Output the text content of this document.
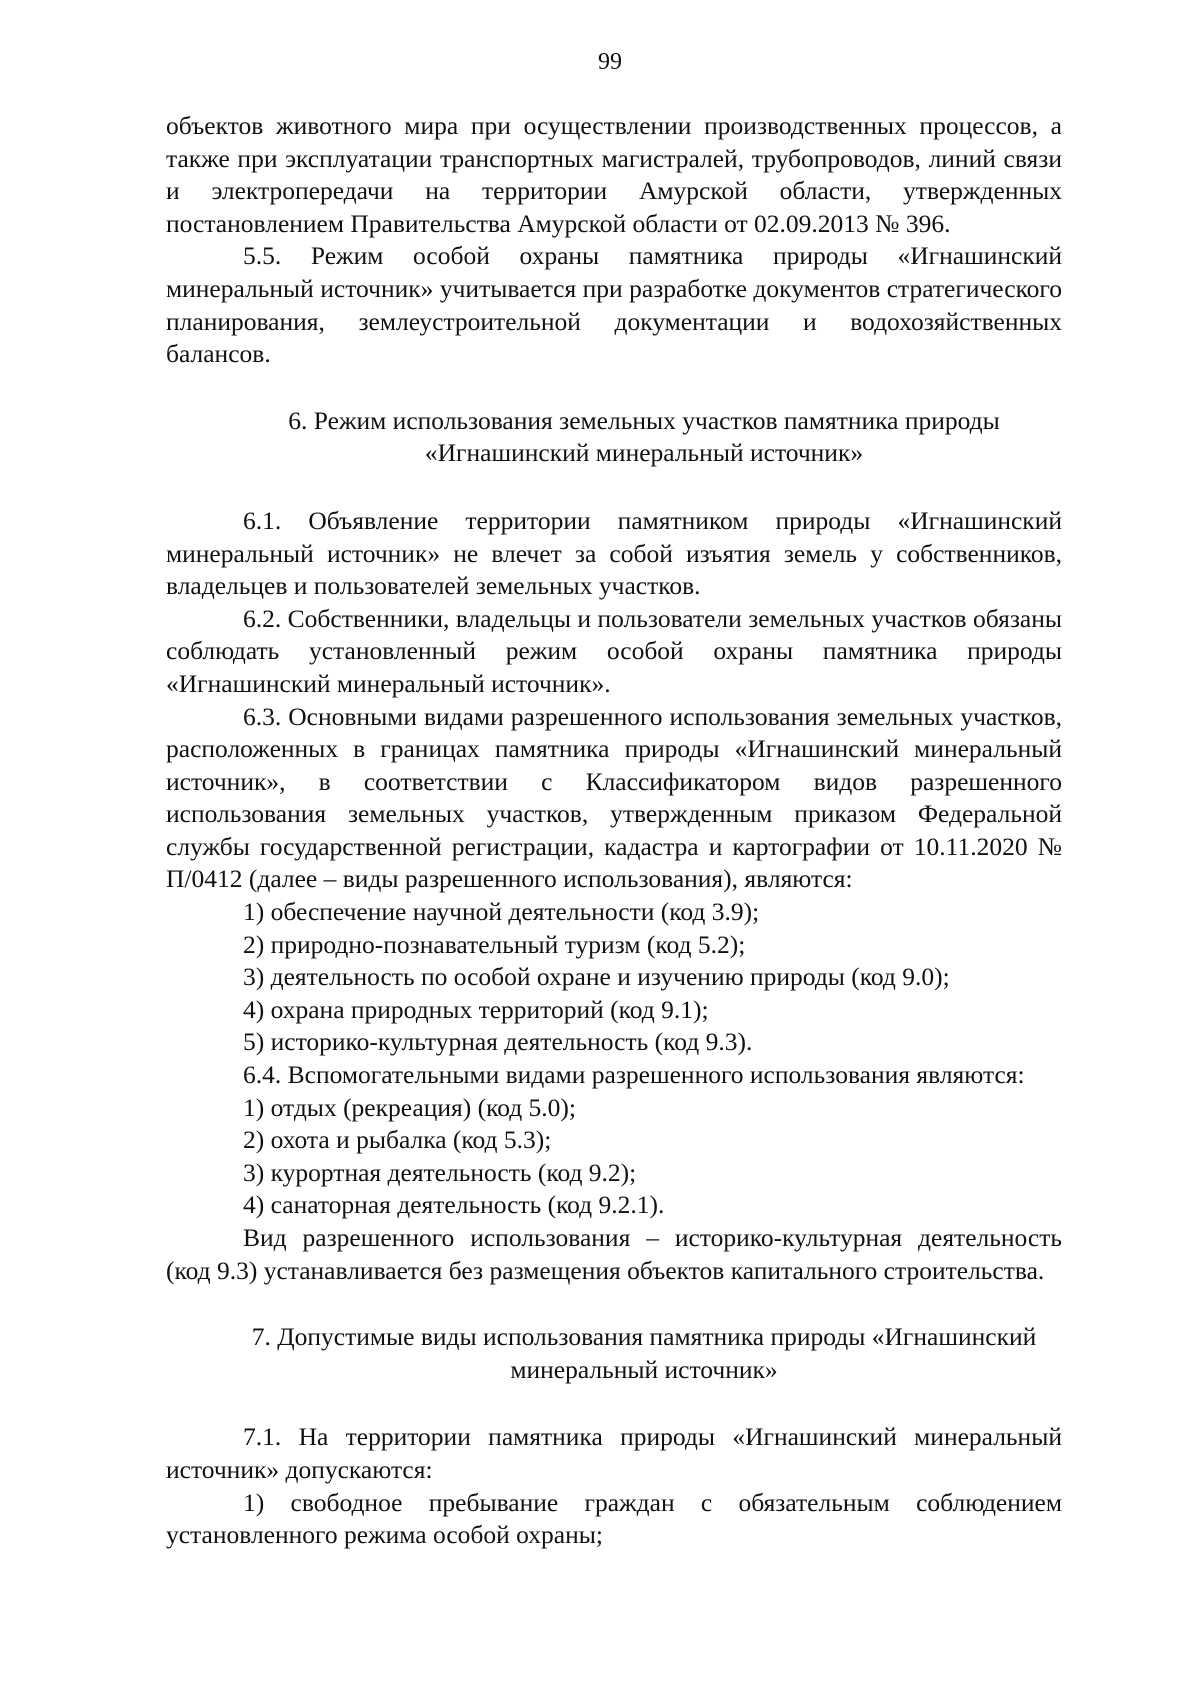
99

объектов животного мира при осуществлении производственных процессов, а также при эксплуатации транспортных магистралей, трубопроводов, линий связи и электропередачи на территории Амурской области, утвержденных постановлением Правительства Амурской области от 02.09.2013 № 396.

5.5. Режим особой охраны памятника природы «Игнашинский минеральный источник» учитывается при разработке документов стратегического планирования, землеустроительной документации и водохозяйственных балансов.

6. Режим использования земельных участков памятника природы
«Игнашинский минеральный источник»

6.1. Объявление территории памятником природы «Игнашинский минеральный источник» не влечет за собой изъятия земель у собственников, владельцев и пользователей земельных участков.

6.2. Собственники, владельцы и пользователи земельных участков обязаны соблюдать установленный режим особой охраны памятника природы «Игнашинский минеральный источник».

6.3. Основными видами разрешенного использования земельных участков, расположенных в границах памятника природы «Игнашинский минеральный источник», в соответствии с Классификатором видов разрешенного использования земельных участков, утвержденным приказом Федеральной службы государственной регистрации, кадастра и картографии от 10.11.2020 № П/0412 (далее – виды разрешенного использования), являются:

1) обеспечение научной деятельности (код 3.9);

2) природно-познавательный туризм (код 5.2);

3) деятельность по особой охране и изучению природы (код 9.0);

4) охрана природных территорий (код 9.1);

5) историко-культурная деятельность (код 9.3).

6.4. Вспомогательными видами разрешенного использования являются:

1) отдых (рекреация) (код 5.0);

2) охота и рыбалка (код 5.3);

3) курортная деятельность (код 9.2);

4) санаторная деятельность (код 9.2.1).

Вид разрешенного использования – историко-культурная деятельность (код 9.3) устанавливается без размещения объектов капитального строительства.

7. Допустимые виды использования памятника природы «Игнашинский
минеральный источник»

7.1. На территории памятника природы «Игнашинский минеральный источник» допускаются:

1) свободное пребывание граждан с обязательным соблюдением установленного режима особой охраны;
